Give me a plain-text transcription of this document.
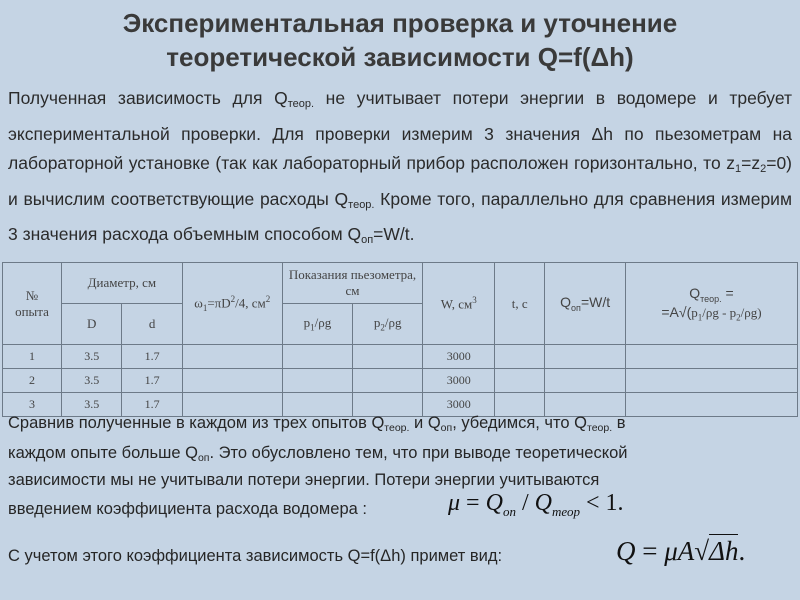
Экспериментальная проверка и уточнение
теоретической зависимости Q=f(Δh)
Полученная зависимость для $Q_{теор.}$ не учитывает потери энергии в водомере и требует экспериментальной проверки. Для проверки измерим 3 значения Δh по пьезометрам на лабораторной установке (так как лабораторный прибор расположен горизонтально, то $z_1=z_2=0$) и вычислим соответствующие расходы $Q_{теор.}$ Кроме того, параллельно для сравнения измерим 3 значения расхода объемным способом $Q_{оп}=W/t$.
№
опыта	Диаметр, см		$\omega_1=\pi D^2/4$, $см^2$	Показания пьезометра, см		W, $см^3$	t, с	$Q_{оп}=W/t$	$Q_{теор.}$ =
$=A√(p_1/\rho g - p_2/\rho g)$
	D	d		$p_1/\rho g$	$p_2/\rho g$				
1	3.5	1.7				3000			
2	3.5	1.7				3000			
3	3.5	1.7				3000			
Сравнив полученные в каждом из трех опытов $Q_{теор.}$ и $Q_{оп}$, убедимся, что $Q_{теор.}$ в
каждом опыте больше $Q_{оп}$. Это обусловлено тем, что при выводе теоретической
зависимости мы не учитывали потери энергии. Потери энергии учитываются
введением коэффициента расхода водомера :	$\mu = Q_{оп} / Q_{теор} < 1$.
С учетом этого коэффициента зависимость Q=f(Δh) примет вид:	Q = μA√Δh.
